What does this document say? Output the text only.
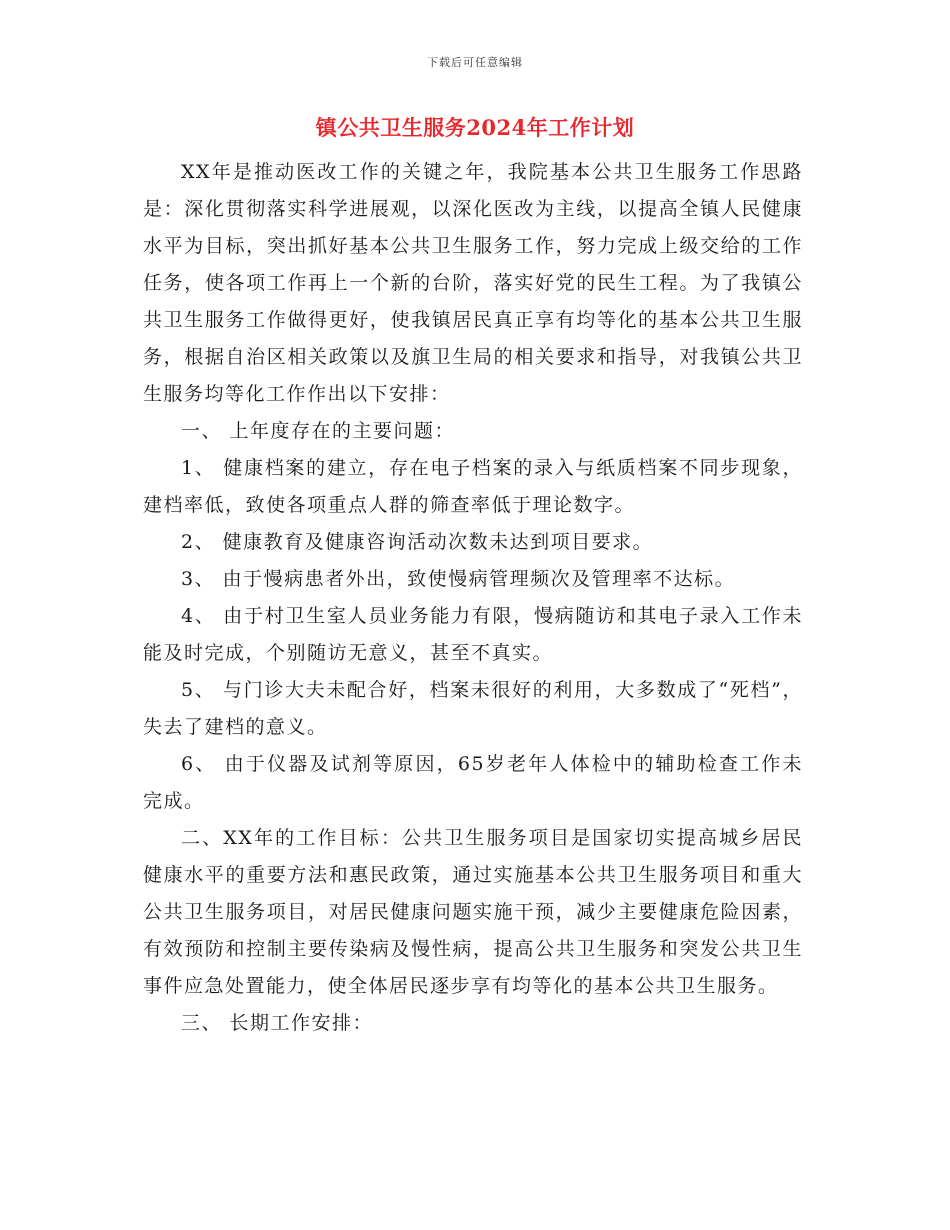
下载后可任意编辑
镇公共卫生服务2024年工作计划

XX年是推动医改工作的关键之年，我院基本公共卫生服务工作思路是：深化贯彻落实科学进展观，以深化医改为主线，以提高全镇人民健康水平为目标，突出抓好基本公共卫生服务工作，努力完成上级交给的工作任务，使各项工作再上一个新的台阶，落实好党的民生工程。为了我镇公共卫生服务工作做得更好，使我镇居民真正享有均等化的基本公共卫生服务，根据自治区相关政策以及旗卫生局的相关要求和指导，对我镇公共卫生服务均等化工作作出以下安排：

一、 上年度存在的主要问题：

1、 健康档案的建立，存在电子档案的录入与纸质档案不同步现象，建档率低，致使各项重点人群的筛查率低于理论数字。

2、 健康教育及健康咨询活动次数未达到项目要求。

3、 由于慢病患者外出，致使慢病管理频次及管理率不达标。

4、 由于村卫生室人员业务能力有限，慢病随访和其电子录入工作未能及时完成，个别随访无意义，甚至不真实。

5、 与门诊大夫未配合好，档案未很好的利用，大多数成了“死档”，失去了建档的意义。

6、 由于仪器及试剂等原因，65岁老年人体检中的辅助检查工作未完成。

二、XX年的工作目标：公共卫生服务项目是国家切实提高城乡居民健康水平的重要方法和惠民政策，通过实施基本公共卫生服务项目和重大公共卫生服务项目，对居民健康问题实施干预，减少主要健康危险因素，有效预防和控制主要传染病及慢性病，提高公共卫生服务和突发公共卫生事件应急处置能力，使全体居民逐步享有均等化的基本公共卫生服务。

三、 长期工作安排：
